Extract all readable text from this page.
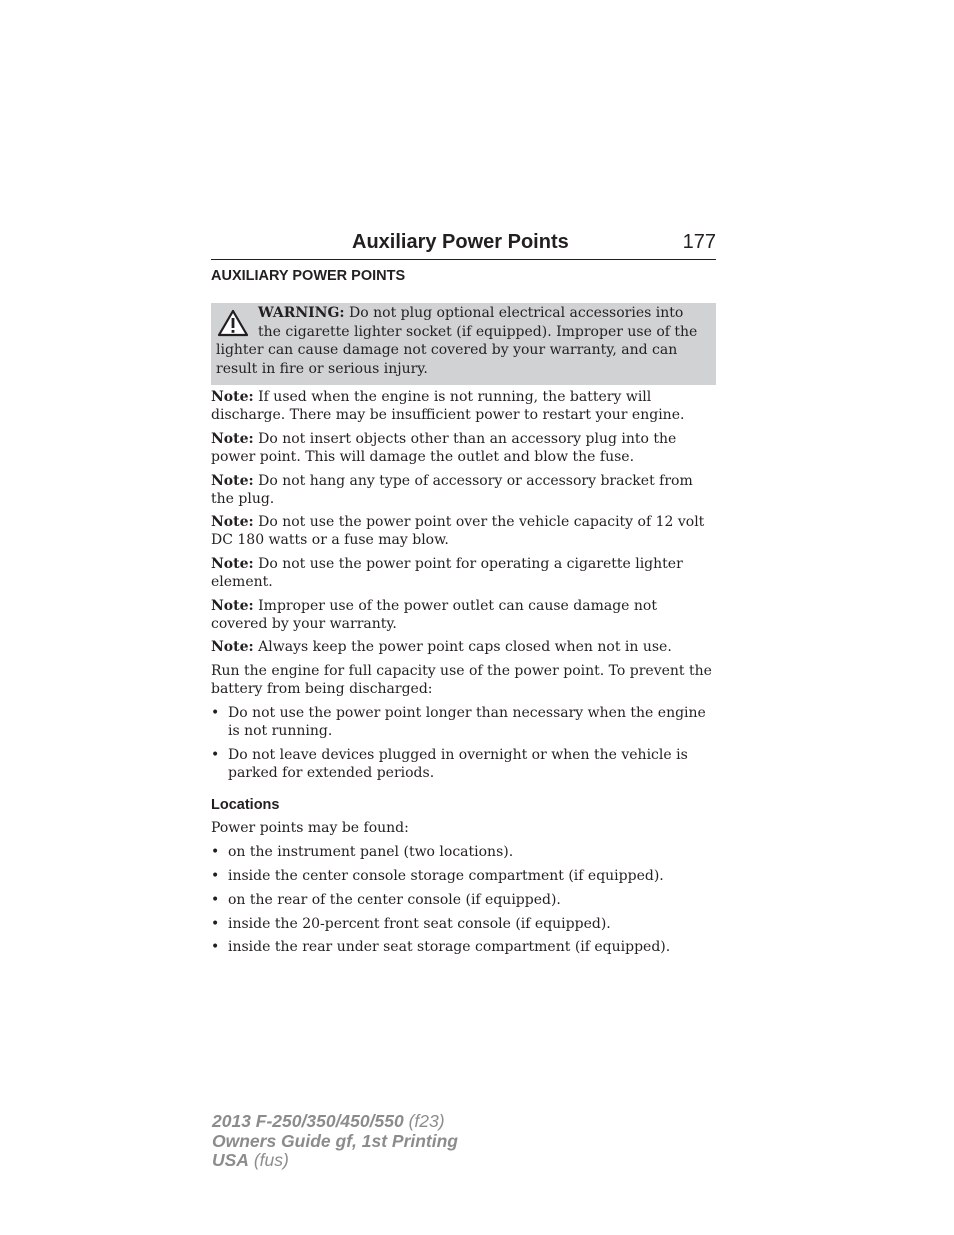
Auxiliary Power Points	177
AUXILIARY POWER POINTS
WARNING: Do not plug optional electrical accessories into the cigarette lighter socket (if equipped). Improper use of the lighter can cause damage not covered by your warranty, and can result in fire or serious injury.
Note: If used when the engine is not running, the battery will discharge. There may be insufficient power to restart your engine.
Note: Do not insert objects other than an accessory plug into the power point. This will damage the outlet and blow the fuse.
Note: Do not hang any type of accessory or accessory bracket from the plug.
Note: Do not use the power point over the vehicle capacity of 12 volt DC 180 watts or a fuse may blow.
Note: Do not use the power point for operating a cigarette lighter element.
Note: Improper use of the power outlet can cause damage not covered by your warranty.
Note: Always keep the power point caps closed when not in use.
Run the engine for full capacity use of the power point. To prevent the battery from being discharged:
• Do not use the power point longer than necessary when the engine is not running.
• Do not leave devices plugged in overnight or when the vehicle is parked for extended periods.
Locations
Power points may be found:
• on the instrument panel (two locations).
• inside the center console storage compartment (if equipped).
• on the rear of the center console (if equipped).
• inside the 20-percent front seat console (if equipped).
• inside the rear under seat storage compartment (if equipped).
2013 F-250/350/450/550 (f23)
Owners Guide gf, 1st Printing
USA (fus)
